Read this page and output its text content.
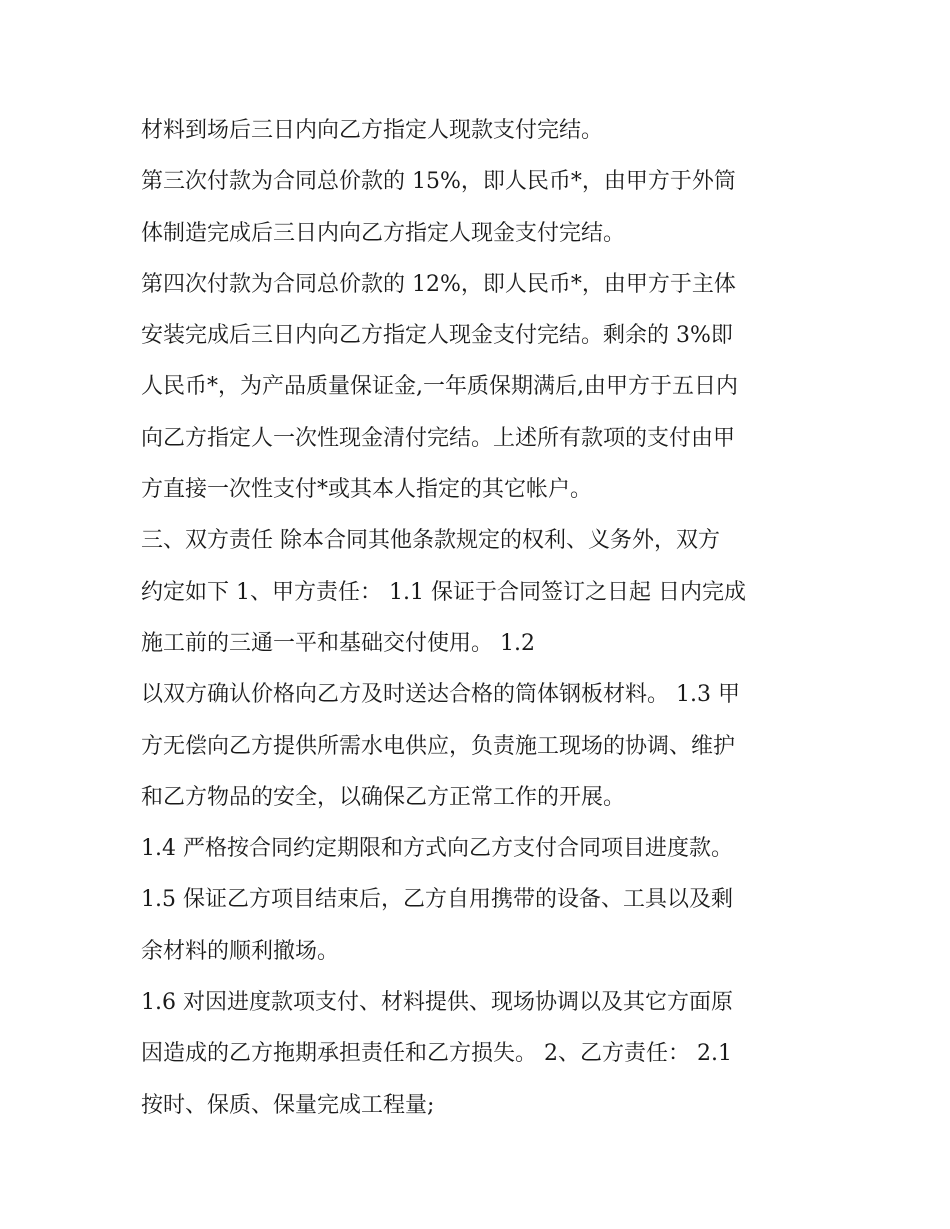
材料到场后三日内向乙方指定人现款支付完结。
第三次付款为合同总价款的 15%，即人民币*，由甲方于外筒
体制造完成后三日内向乙方指定人现金支付完结。
第四次付款为合同总价款的 12%，即人民币*，由甲方于主体
安装完成后三日内向乙方指定人现金支付完结。剩余的 3%即
人民币*，为产品质量保证金,一年质保期满后,由甲方于五日内
向乙方指定人一次性现金清付完结。上述所有款项的支付由甲
方直接一次性支付*或其本人指定的其它帐户。
三、双方责任 除本合同其他条款规定的权利、义务外，双方
约定如下 1、甲方责任： 1.1 保证于合同签订之日起 日内完成
施工前的三通一平和基础交付使用。 1.2
以双方确认价格向乙方及时送达合格的筒体钢板材料。 1.3 甲
方无偿向乙方提供所需水电供应，负责施工现场的协调、维护
和乙方物品的安全，以确保乙方正常工作的开展。
1.4 严格按合同约定期限和方式向乙方支付合同项目进度款。
1.5 保证乙方项目结束后，乙方自用携带的设备、工具以及剩
余材料的顺利撤场。
1.6 对因进度款项支付、材料提供、现场协调以及其它方面原
因造成的乙方拖期承担责任和乙方损失。 2、乙方责任： 2.1
按时、保质、保量完成工程量;
